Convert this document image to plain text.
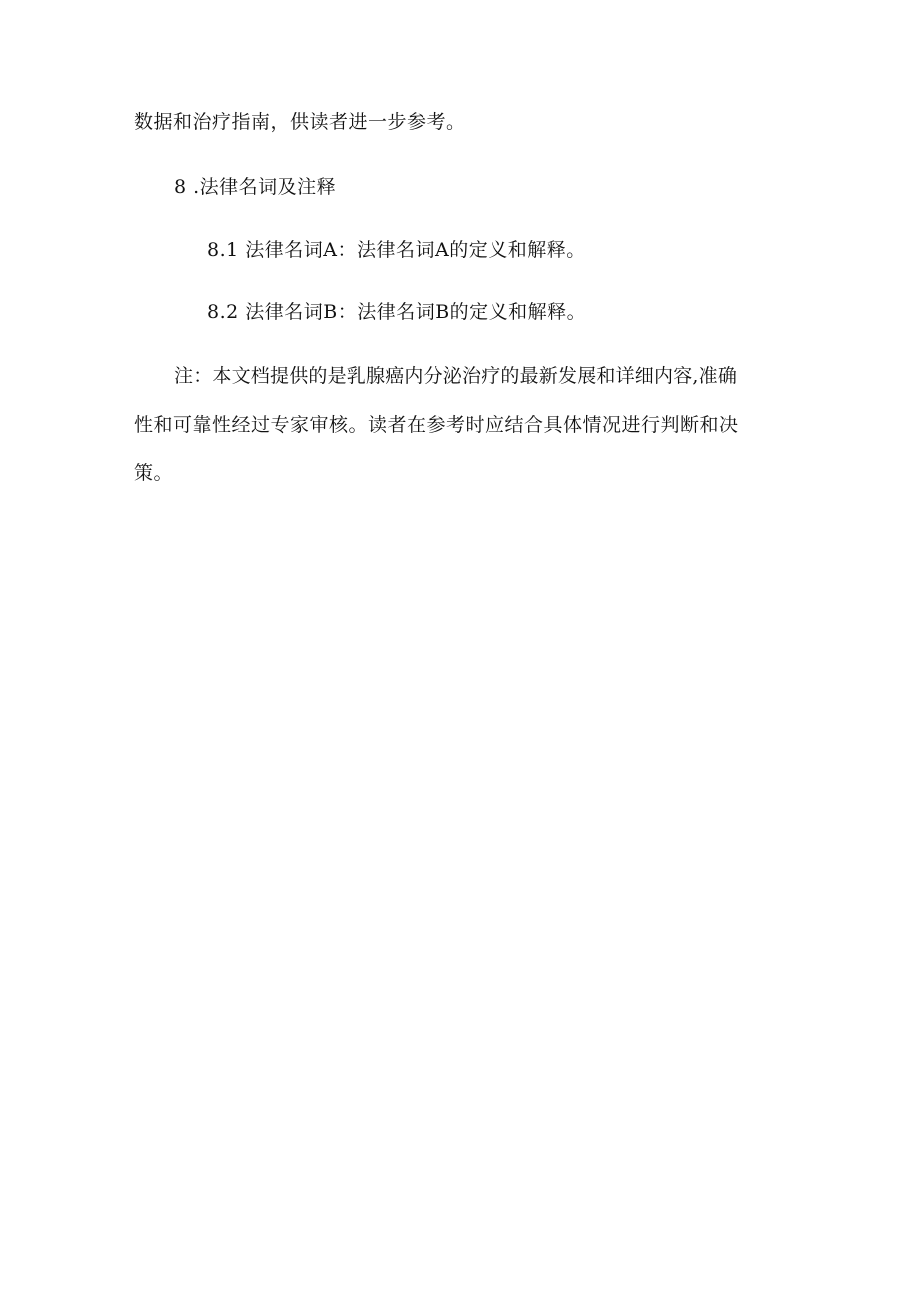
数据和治疗指南，供读者进一步参考。
8 .法律名词及注释
8.1 法律名词A：法律名词A的定义和解释。
8.2 法律名词B：法律名词B的定义和解释。
注：本文档提供的是乳腺癌内分泌治疗的最新发展和详细内容,准确
性和可靠性经过专家审核。读者在参考时应结合具体情况进行判断和决
策。
